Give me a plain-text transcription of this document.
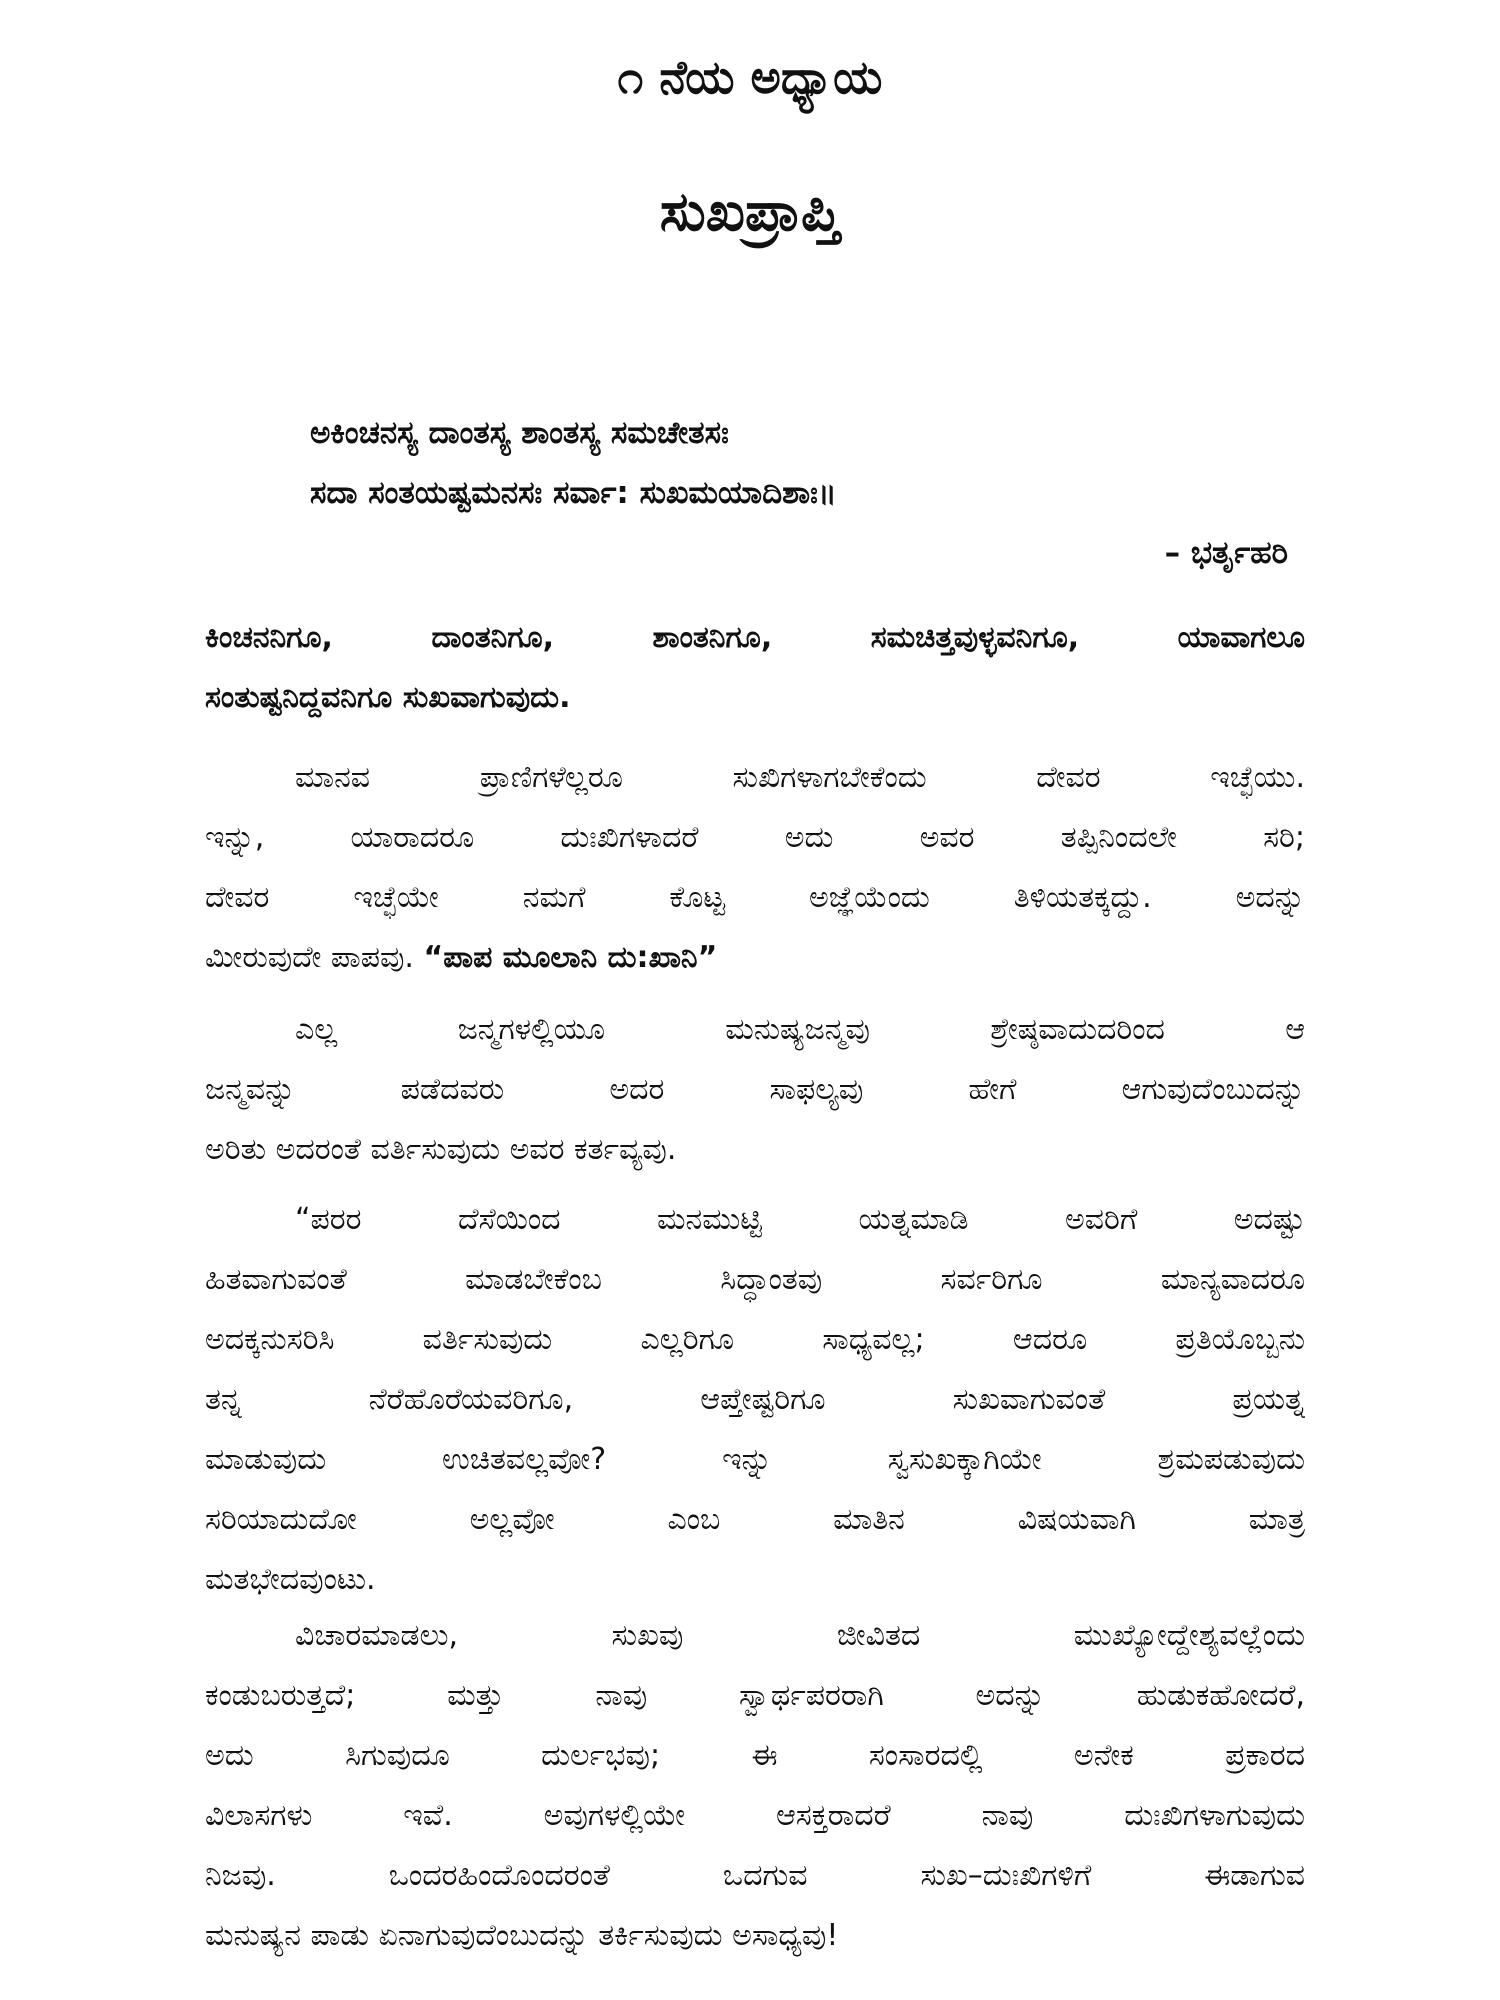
೧ ನೆಯ ಅಧ್ಯಾಯ
ಸುಖಪ್ರಾಪ್ತಿ
ಅಕಿಂಚನಸ್ಯ ದಾಂತಸ್ಯ ಶಾಂತಸ್ಯ ಸಮಚೇತಸಃ
ಸದಾ ಸಂತಯಷ್ಟಮನಸಃ ಸರ್ವಾ: ಸುಖಮಯಾದಿಶಾಃ॥
– ಭರ್ತೃಹರಿ
ಕಿಂಚನನಿಗೂ, ದಾಂತನಿಗೂ, ಶಾಂತನಿಗೂ, ಸಮಚಿತ್ತವುಳ್ಳವನಿಗೂ, ಯಾವಾಗಲೂ
ಸಂತುಷ್ಟನಿದ್ದವನಿಗೂ ಸುಖವಾಗುವುದು.
ಮಾನವ ಪ್ರಾಣಿಗಳೆಲ್ಲರೂ ಸುಖಿಗಳಾಗಬೇಕೆಂದು ದೇವರ ಇಚ್ಛೆಯು.
ಇನ್ನು, ಯಾರಾದರೂ ದುಃಖಿಗಳಾದರೆ ಅದು ಅವರ ತಪ್ಪಿನಿಂದಲೇ ಸರಿ;
ದೇವರ ಇಚ್ಛೆಯೇ ನಮಗೆ ಕೊಟ್ಟ ಅಜ್ಞೆಯೆಂದು ತಿಳಿಯತಕ್ಕದ್ದು. ಅದನ್ನು
ಮೀರುವುದೇ ಪಾಪವು. “ಪಾಪ ಮೂಲಾನಿ ದು:ಖಾನಿ”
ಎಲ್ಲ ಜನ್ಮಗಳಲ್ಲಿಯೂ ಮನುಷ್ಯಜನ್ಮವು ಶ್ರೇಷ್ಠವಾದುದರಿಂದ ಆ
ಜನ್ಮವನ್ನು ಪಡೆದವರು ಅದರ ಸಾಫಲ್ಯವು ಹೇಗೆ ಆಗುವುದೆಂಬುದನ್ನು
ಅರಿತು ಅದರಂತೆ ವರ್ತಿಸುವುದು ಅವರ ಕರ್ತವ್ಯವು.
“ಪರರ ದೆಸೆಯಿಂದ ಮನಮುಟ್ಟಿ ಯತ್ನಮಾಡಿ ಅವರಿಗೆ ಅದಷ್ಟು
ಹಿತವಾಗುವಂತೆ ಮಾಡಬೇಕೆಂಬ ಸಿದ್ಧಾಂತವು ಸರ್ವರಿಗೂ ಮಾನ್ಯವಾದರೂ
ಅದಕ್ಕನುಸರಿಸಿ ವರ್ತಿಸುವುದು ಎಲ್ಲರಿಗೂ ಸಾಧ್ಯವಲ್ಲ; ಆದರೂ ಪ್ರತಿಯೊಬ್ಬನು
ತನ್ನ ನೆರೆಹೊರೆಯವರಿಗೂ, ಆಪ್ತೇಷ್ಟರಿಗೂ ಸುಖವಾಗುವಂತೆ ಪ್ರಯತ್ನ
ಮಾಡುವುದು ಉಚಿತವಲ್ಲವೋ? ಇನ್ನು ಸ್ವಸುಖಕ್ಕಾಗಿಯೇ ಶ್ರಮಪಡುವುದು
ಸರಿಯಾದುದೋ ಅಲ್ಲವೋ ಎಂಬ ಮಾತಿನ ವಿಷಯವಾಗಿ ಮಾತ್ರ
ಮತಭೇದವುಂಟು.
ವಿಚಾರಮಾಡಲು, ಸುಖವು ಜೀವಿತದ ಮುಖ್ಯೋದ್ದೇಶ್ಯವಲ್ಲೆಂದು
ಕಂಡುಬರುತ್ತದೆ; ಮತ್ತು ನಾವು ಸ್ವಾರ್ಥಪರರಾಗಿ ಅದನ್ನು ಹುಡುಕಹೋದರೆ,
ಅದು ಸಿಗುವುದೂ ದುರ್ಲಭವು; ಈ ಸಂಸಾರದಲ್ಲಿ ಅನೇಕ ಪ್ರಕಾರದ
ವಿಲಾಸಗಳು ಇವೆ. ಅವುಗಳಲ್ಲಿಯೇ ಆಸಕ್ತರಾದರೆ ನಾವು ದುಃಖಿಗಳಾಗುವುದು
ನಿಜವು. ಒಂದರಹಿಂದೊಂದರಂತೆ ಒದಗುವ ಸುಖ–ದುಃಖಿಗಳಿಗೆ ಈಡಾಗುವ
ಮನುಷ್ಯನ ಪಾಡು ಏನಾಗುವುದೆಂಬುದನ್ನು ತರ್ಕಿಸುವುದು ಅಸಾಧ್ಯವು!
